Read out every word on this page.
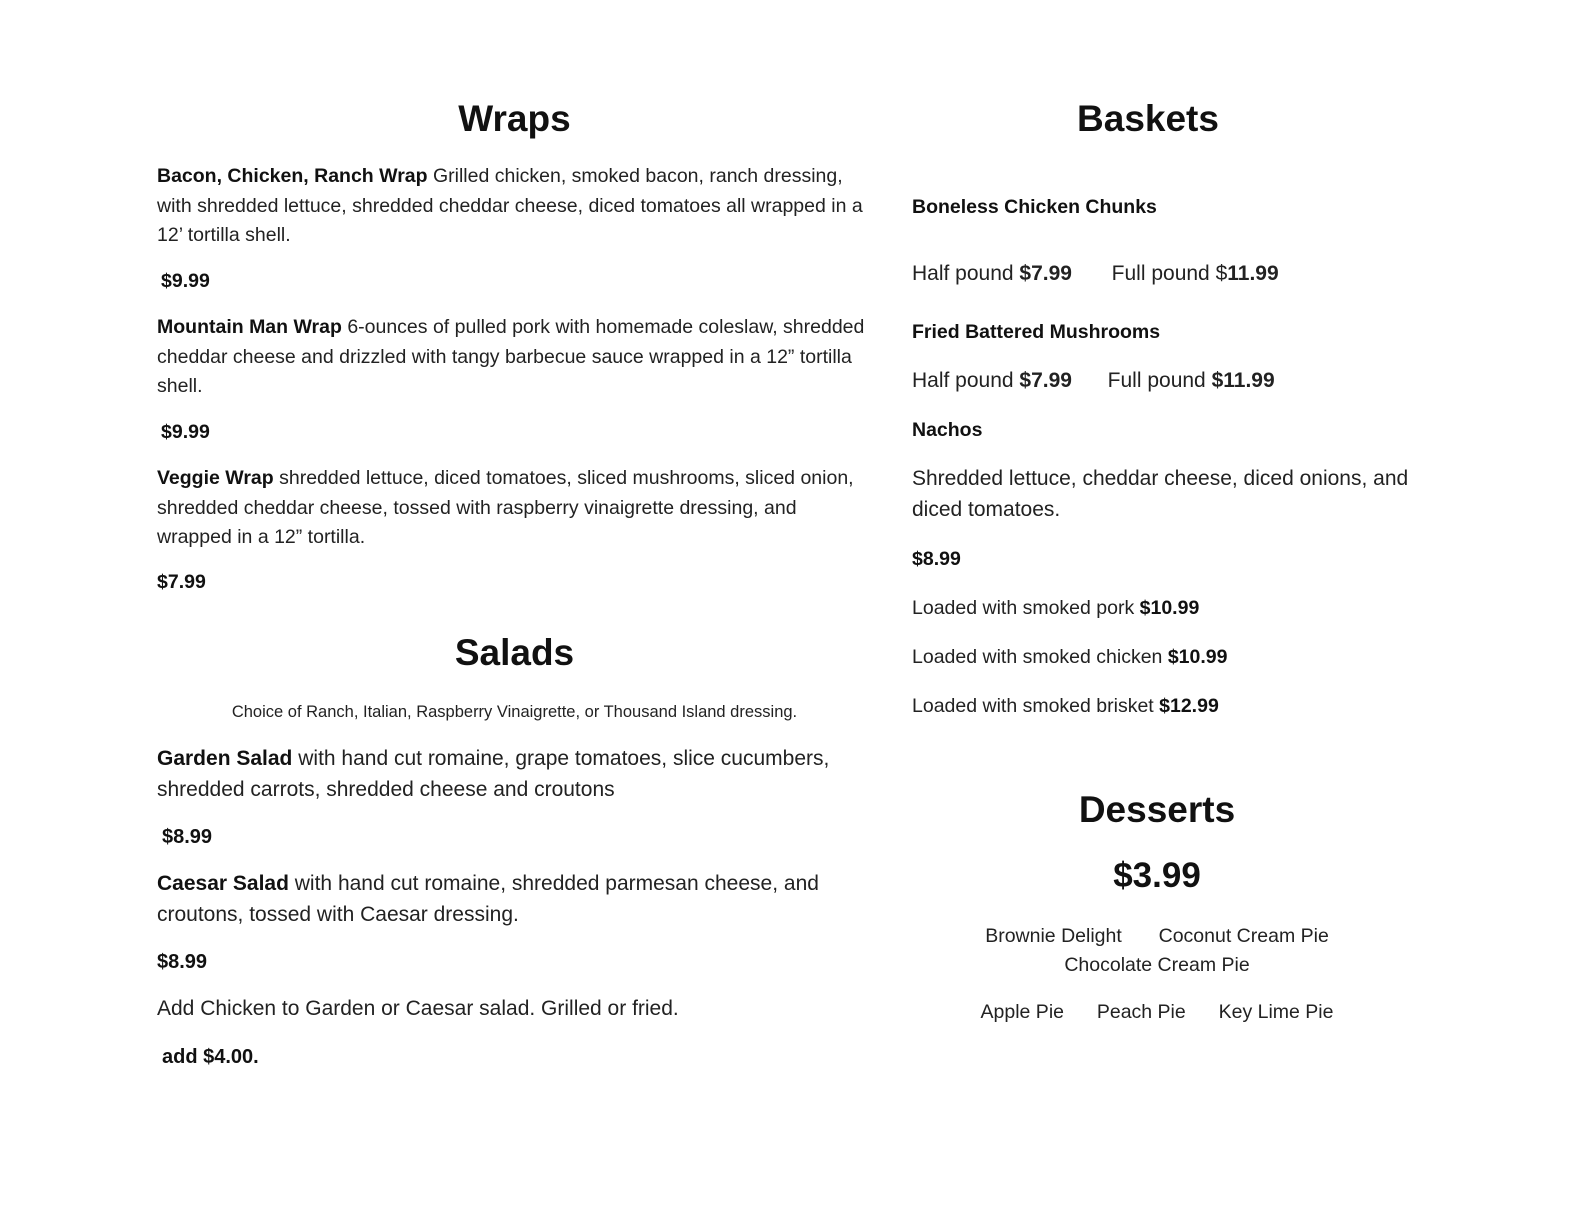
Wraps
Bacon, Chicken, Ranch Wrap Grilled chicken, smoked bacon, ranch dressing, with shredded lettuce, shredded cheddar cheese, diced tomatoes all wrapped in a 12’ tortilla shell.
$9.99
Mountain Man Wrap 6-ounces of pulled pork with homemade coleslaw, shredded cheddar cheese and drizzled with tangy barbecue sauce wrapped in a 12” tortilla shell.
$9.99
Veggie Wrap shredded lettuce, diced tomatoes, sliced mushrooms, sliced onion, shredded cheddar cheese, tossed with raspberry vinaigrette dressing, and wrapped in a 12” tortilla.
$7.99
Salads
Choice of Ranch, Italian, Raspberry Vinaigrette, or Thousand Island dressing.
Garden Salad with hand cut romaine, grape tomatoes, slice cucumbers, shredded carrots, shredded cheese and croutons
$8.99
Caesar Salad with hand cut romaine, shredded parmesan cheese, and croutons, tossed with Caesar dressing.
$8.99
Add Chicken to Garden or Caesar salad. Grilled or fried.
add $4.00.
Baskets
Boneless Chicken Chunks
Half pound $7.99 Full pound $11.99
Fried Battered Mushrooms
Half pound $7.99 Full pound $11.99
Nachos
Shredded lettuce, cheddar cheese, diced onions, and diced tomatoes.
$8.99
Loaded with smoked pork $10.99
Loaded with smoked chicken $10.99
Loaded with smoked brisket $12.99
Desserts
$3.99
Brownie Delight Coconut Cream Pie
Chocolate Cream Pie
Apple Pie Peach Pie Key Lime Pie
